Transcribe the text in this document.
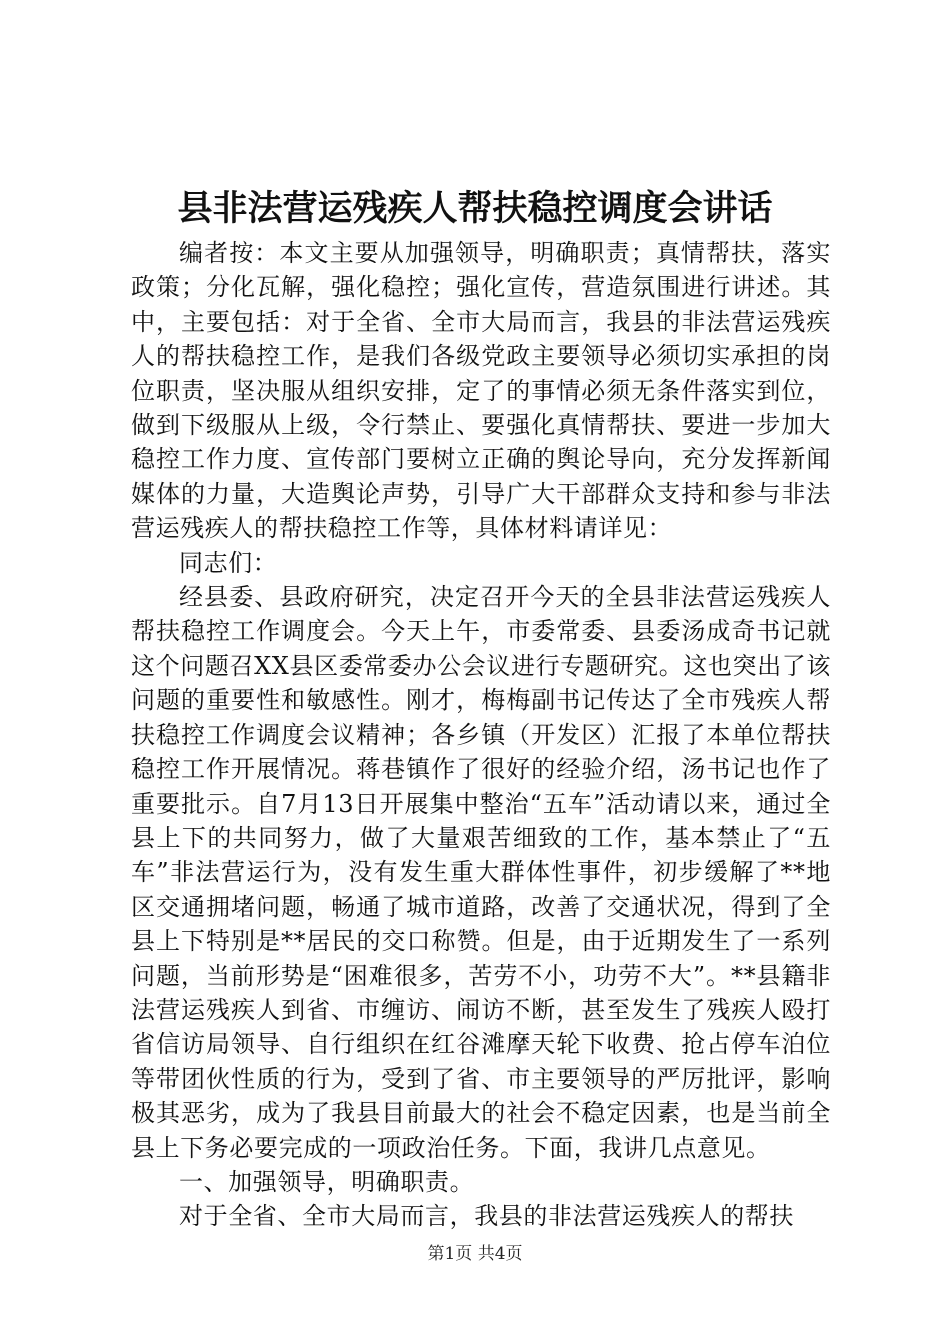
县非法营运残疾人帮扶稳控调度会讲话

编者按：本文主要从加强领导，明确职责；真情帮扶，落实政策；分化瓦解，强化稳控；强化宣传，营造氛围进行讲述。其中，主要包括：对于全省、全市大局而言，我县的非法营运残疾人的帮扶稳控工作，是我们各级党政主要领导必须切实承担的岗位职责，坚决服从组织安排，定了的事情必须无条件落实到位，做到下级服从上级，令行禁止、要强化真情帮扶、要进一步加大稳控工作力度、宣传部门要树立正确的舆论导向，充分发挥新闻媒体的力量，大造舆论声势，引导广大干部群众支持和参与非法营运残疾人的帮扶稳控工作等，具体材料请详见：

同志们：

经县委、县政府研究，决定召开今天的全县非法营运残疾人帮扶稳控工作调度会。今天上午，市委常委、县委汤成奇书记就这个问题召XX县区委常委办公会议进行专题研究。这也突出了该问题的重要性和敏感性。刚才，梅梅副书记传达了全市残疾人帮扶稳控工作调度会议精神；各乡镇（开发区）汇报了本单位帮扶稳控工作开展情况。蒋巷镇作了很好的经验介绍，汤书记也作了重要批示。自7月13日开展集中整治“五车”活动请以来，通过全县上下的共同努力，做了大量艰苦细致的工作，基本禁止了“五车”非法营运行为，没有发生重大群体性事件，初步缓解了**地区交通拥堵问题，畅通了城市道路，改善了交通状况，得到了全县上下特别是**居民的交口称赞。但是，由于近期发生了一系列问题，当前形势是“困难很多，苦劳不小，功劳不大”。**县籍非法营运残疾人到省、市缠访、闹访不断，甚至发生了残疾人殴打省信访局领导、自行组织在红谷滩摩天轮下收费、抢占停车泊位等带团伙性质的行为，受到了省、市主要领导的严厉批评，影响极其恶劣，成为了我县目前最大的社会不稳定因素，也是当前全县上下务必要完成的一项政治任务。下面，我讲几点意见。

一、加强领导，明确职责。

对于全省、全市大局而言，我县的非法营运残疾人的帮扶

第1页 共4页
